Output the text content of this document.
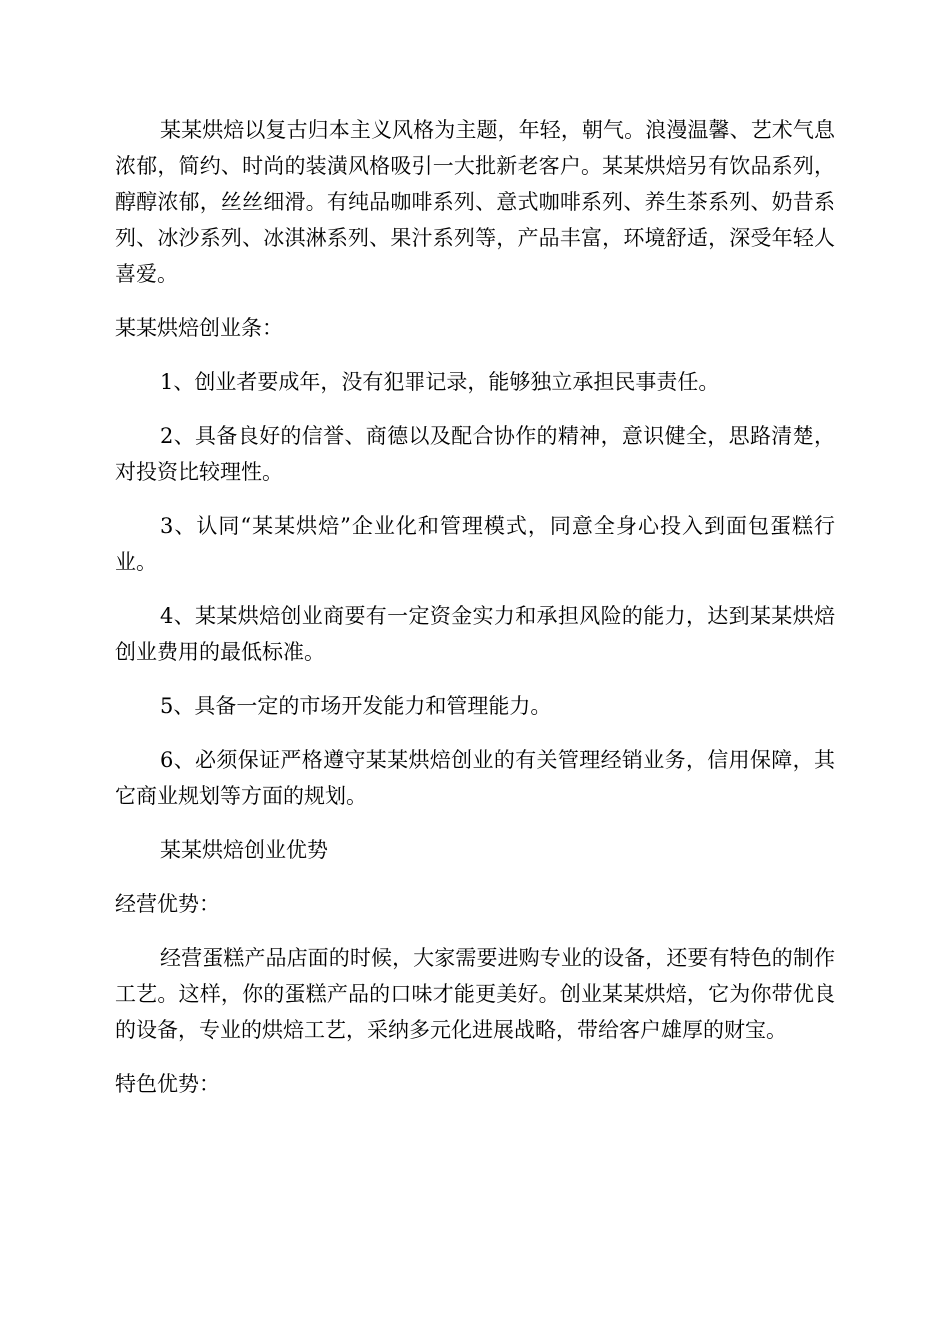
某某烘焙以复古归本主义风格为主题，年轻，朝气。浪漫温馨、艺术气息浓郁，简约、时尚的装潢风格吸引一大批新老客户。某某烘焙另有饮品系列，醇醇浓郁，丝丝细滑。有纯品咖啡系列、意式咖啡系列、养生茶系列、奶昔系列、冰沙系列、冰淇淋系列、果汁系列等，产品丰富，环境舒适，深受年轻人喜爱。

某某烘焙创业条：

1、创业者要成年，没有犯罪记录，能够独立承担民事责任。

2、具备良好的信誉、商德以及配合协作的精神，意识健全，思路清楚，对投资比较理性。

3、认同“某某烘焙”企业化和管理模式，同意全身心投入到面包蛋糕行业。

4、某某烘焙创业商要有一定资金实力和承担风险的能力，达到某某烘焙创业费用的最低标准。

5、具备一定的市场开发能力和管理能力。

6、必须保证严格遵守某某烘焙创业的有关管理经销业务，信用保障，其它商业规划等方面的规划。

某某烘焙创业优势

经营优势：

经营蛋糕产品店面的时候，大家需要进购专业的设备，还要有特色的制作工艺。这样，你的蛋糕产品的口味才能更美好。创业某某烘焙，它为你带优良的设备，专业的烘焙工艺，采纳多元化进展战略，带给客户雄厚的财宝。

特色优势：
